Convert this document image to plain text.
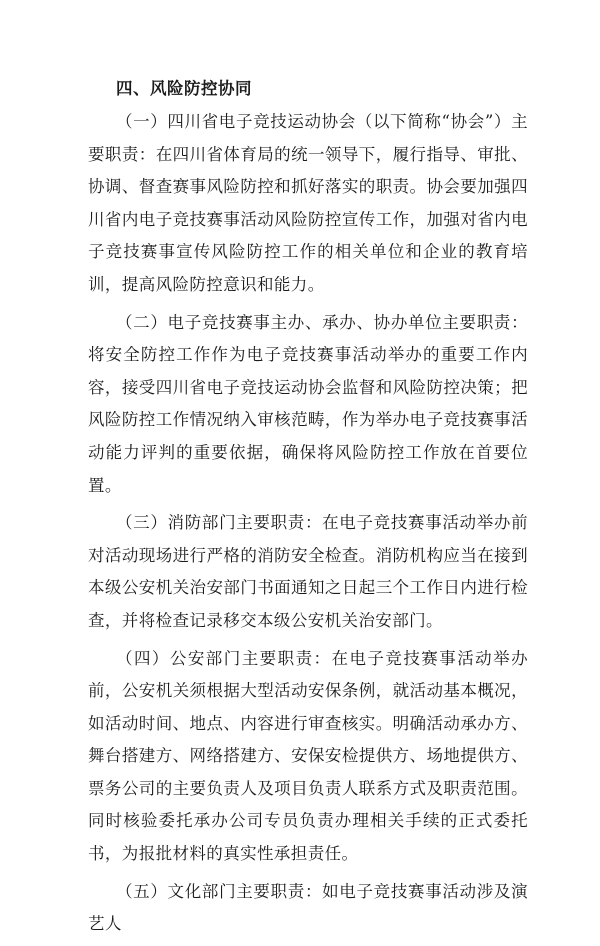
四、风险防控协同

（一）四川省电子竞技运动协会（以下简称“协会”）主要职责：在四川省体育局的统一领导下，履行指导、审批、协调、督查赛事风险防控和抓好落实的职责。协会要加强四川省内电子竞技赛事活动风险防控宣传工作，加强对省内电子竞技赛事宣传风险防控工作的相关单位和企业的教育培训，提高风险防控意识和能力。

（二）电子竞技赛事主办、承办、协办单位主要职责：将安全防控工作作为电子竞技赛事活动举办的重要工作内容，接受四川省电子竞技运动协会监督和风险防控决策；把风险防控工作情况纳入审核范畴，作为举办电子竞技赛事活动能力评判的重要依据，确保将风险防控工作放在首要位置。

（三）消防部门主要职责：在电子竞技赛事活动举办前对活动现场进行严格的消防安全检查。消防机构应当在接到本级公安机关治安部门书面通知之日起三个工作日内进行检查，并将检查记录移交本级公安机关治安部门。

（四）公安部门主要职责：在电子竞技赛事活动举办前，公安机关须根据大型活动安保条例，就活动基本概况，如活动时间、地点、内容进行审查核实。明确活动承办方、舞台搭建方、网络搭建方、安保安检提供方、场地提供方、票务公司的主要负责人及项目负责人联系方式及职责范围。同时核验委托承办公司专员负责办理相关手续的正式委托书，为报批材料的真实性承担责任。

（五）文化部门主要职责：如电子竞技赛事活动涉及演艺人
